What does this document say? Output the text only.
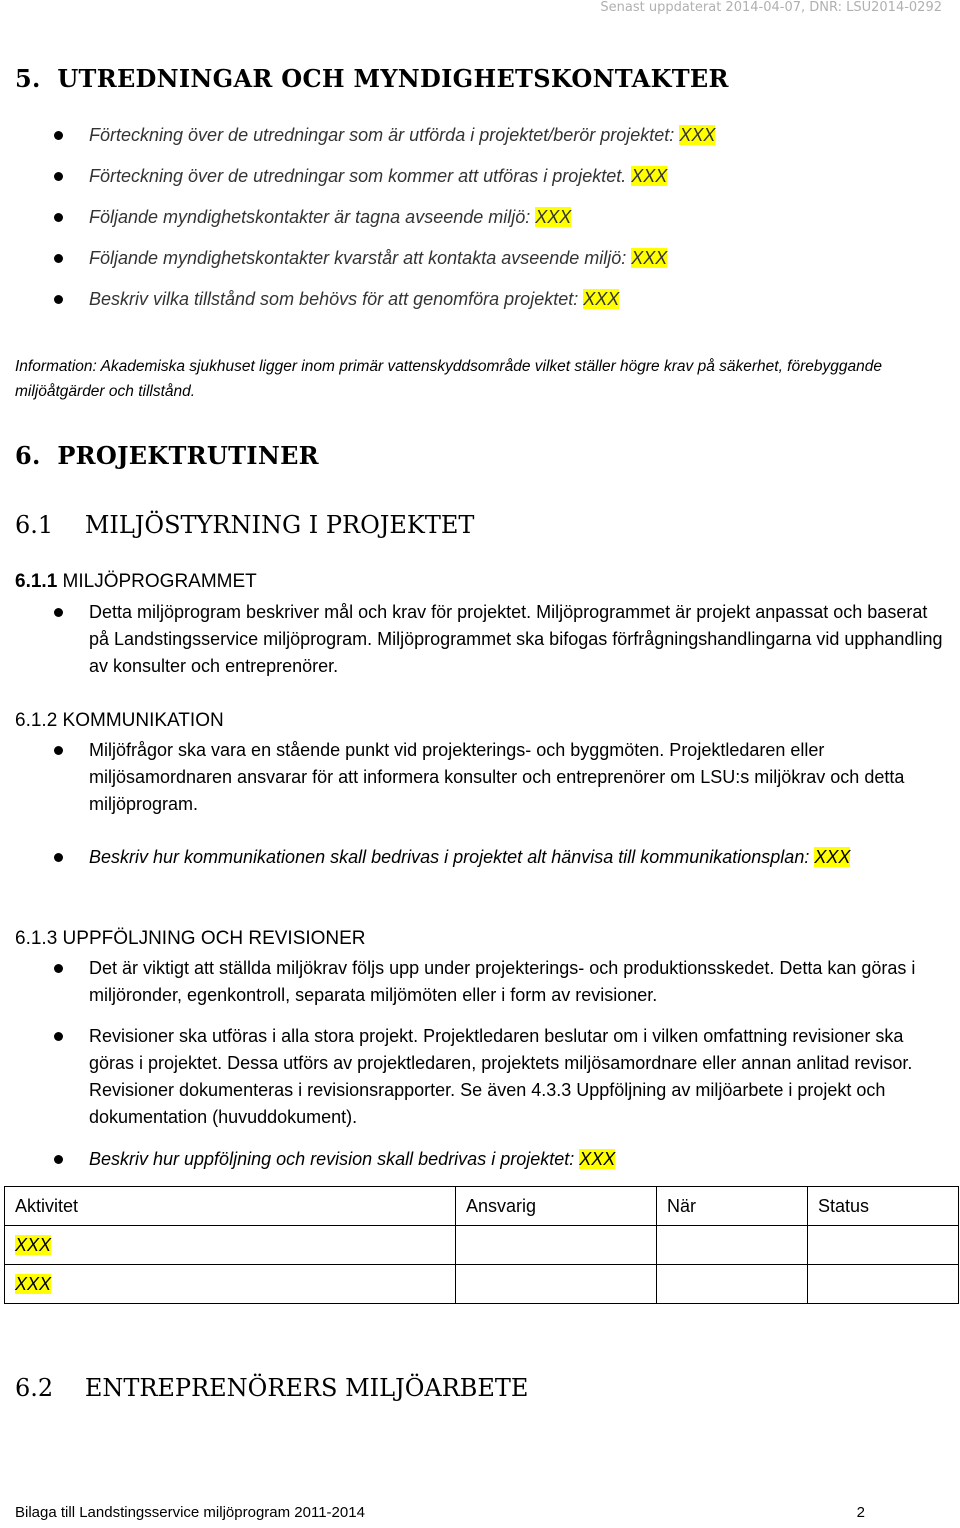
Senast uppdaterat 2014-04-07, DNR: LSU2014-0292
5. UTREDNINGAR OCH MYNDIGHETSKONTAKTER
Förteckning över de utredningar som är utförda i projektet/berör projektet: XXX
Förteckning över de utredningar som kommer att utföras i projektet. XXX
Följande myndighetskontakter är tagna avseende miljö: XXX
Följande myndighetskontakter kvarstår att kontakta avseende miljö: XXX
Beskriv vilka tillstånd som behövs för att genomföra projektet: XXX
Information: Akademiska sjukhuset ligger inom primär vattenskyddsområde vilket ställer högre krav på säkerhet, förebyggande miljöåtgärder och tillstånd.
6. PROJEKTRUTINER
6.1 MILJÖSTYRNING I PROJEKTET
6.1.1 MILJÖPROGRAMMET
Detta miljöprogram beskriver mål och krav för projektet. Miljöprogrammet är projekt anpassat och baserat på Landstingsservice miljöprogram. Miljöprogrammet ska bifogas förfrågningshandlingarna vid upphandling av konsulter och entreprenörer.
6.1.2 KOMMUNIKATION
Miljöfrågor ska vara en stående punkt vid projekterings- och byggmöten. Projektledaren eller miljösamordnaren ansvarar för att informera konsulter och entreprenörer om LSU:s miljökrav och detta miljöprogram.
Beskriv hur kommunikationen skall bedrivas i projektet alt hänvisa till kommunikationsplan: XXX
6.1.3 UPPFÖLJNING OCH REVISIONER
Det är viktigt att ställda miljökrav följs upp under projekterings- och produktionsskedet. Detta kan göras i miljöronder, egenkontroll, separata miljömöten eller i form av revisioner.
Revisioner ska utföras i alla stora projekt. Projektledaren beslutar om i vilken omfattning revisioner ska göras i projektet. Dessa utförs av projektledaren, projektets miljösamordnare eller annan anlitad revisor. Revisioner dokumenteras i revisionsrapporter. Se även 4.3.3 Uppföljning av miljöarbete i projekt och dokumentation (huvuddokument).
Beskriv hur uppföljning och revision skall bedrivas i projektet: XXX
Aktivitet	Ansvarig	När	Status
XXX			
XXX			
6.2 ENTREPRENÖRERS MILJÖARBETE
Bilaga till Landstingsservice miljöprogram 2011-2014	2
